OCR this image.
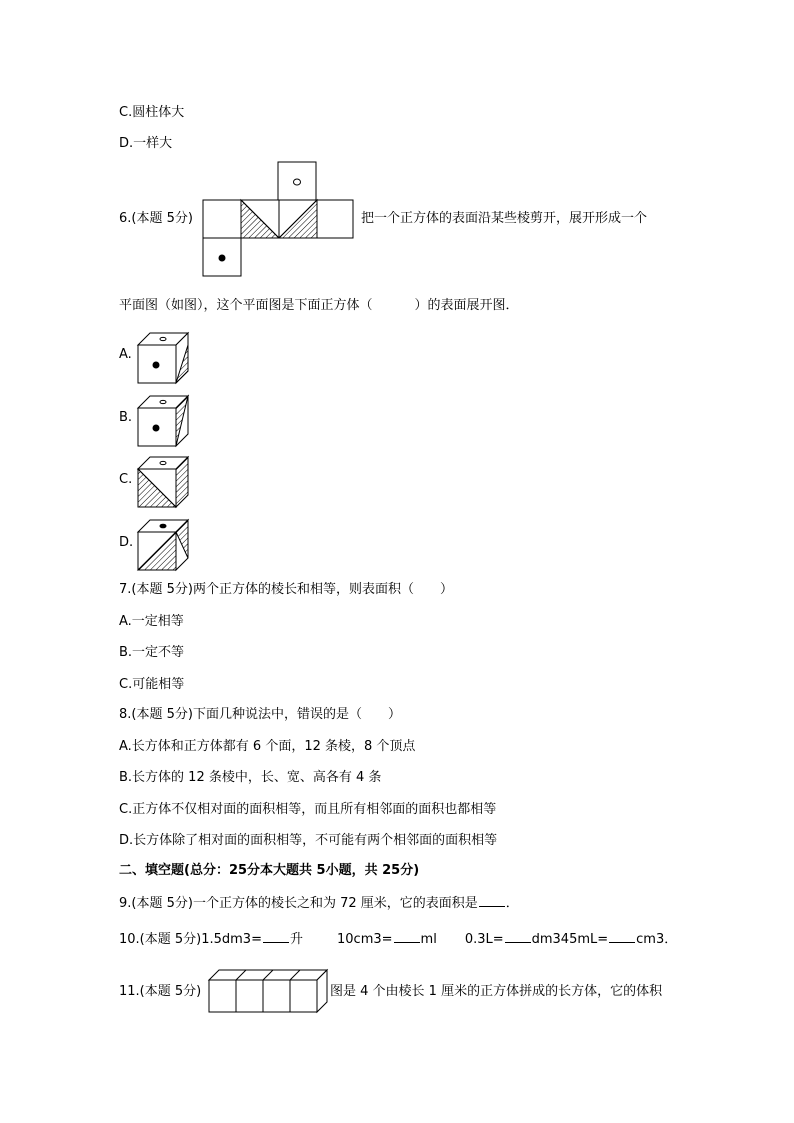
C.圆柱体大
D.一样大
6.(本题 5分)	把一个正方体的表面沿某些棱剪开，展开形成一个
平面图（如图），这个平面图是下面正方体（	）的表面展开图．
A.
B.
C.
D.
7.(本题 5分)两个正方体的棱长和相等，则表面积（ ）
A.一定相等
B.一定不等
C.可能相等
8.(本题 5分)下面几种说法中，错误的是（ ）
A.长方体和正方体都有 6 个面，12 条棱，8 个顶点
B.长方体的 12 条棱中，长、宽、高各有 4 条
C.正方体不仅相对面的面积相等，而且所有相邻面的面积也都相等
D.长方体除了相对面的面积相等，不可能有两个相邻面的面积相等
二、填空题(总分：25分本大题共 5小题，共 25分)
9.(本题 5分)一个正方体的棱长之和为 72 厘米，它的表面积是 ．
10.(本题 5分)1.5dm3= 升	10cm3= ml 0.3L= dm345mL= cm3．
11.(本题 5分)	图是 4 个由棱长 1 厘米的正方体拼成的长方体，它的体积
